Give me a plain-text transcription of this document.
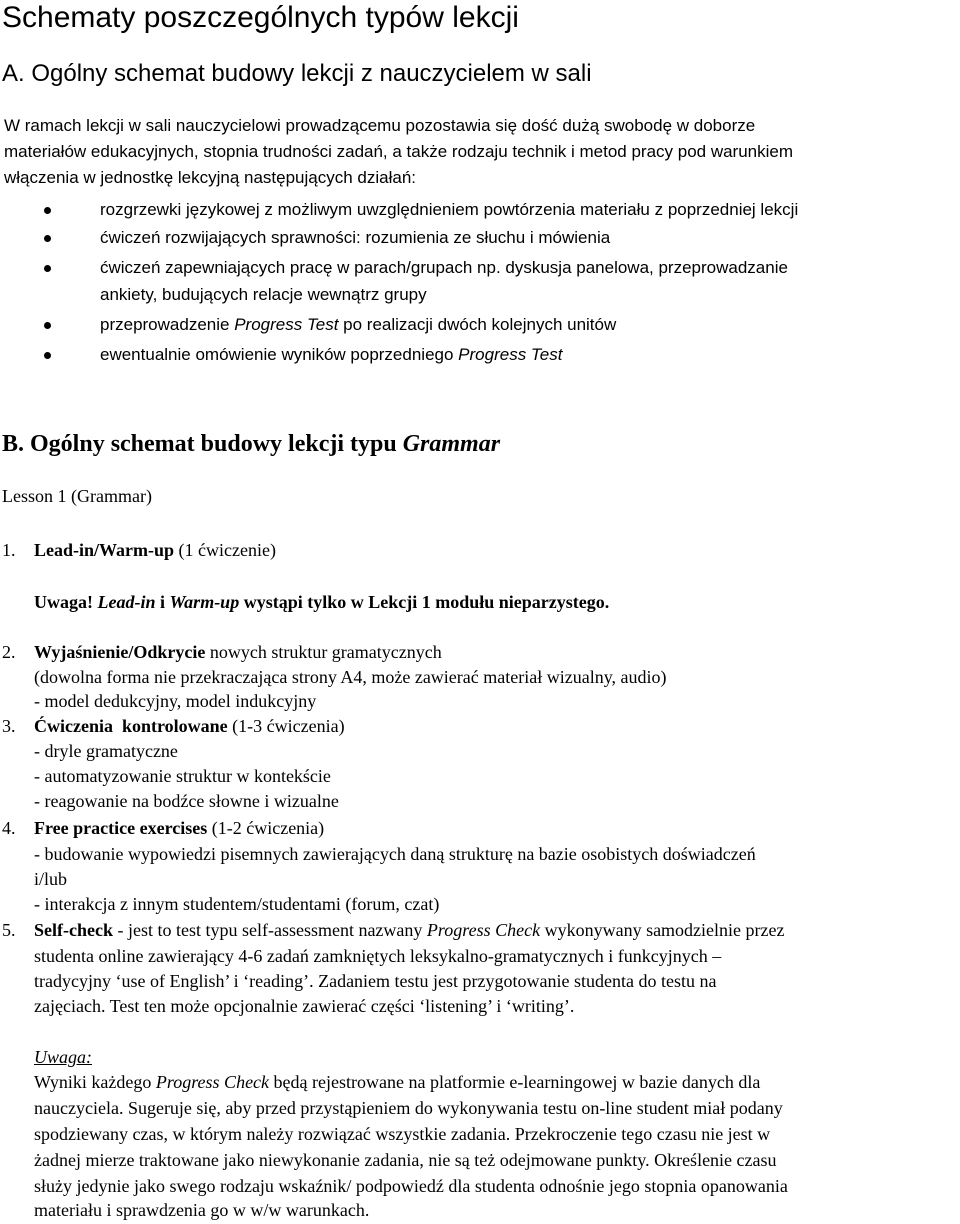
Schematy poszczególnych typów lekcji
A. Ogólny schemat budowy lekcji z nauczycielem w sali
W ramach lekcji w sali nauczycielowi prowadzącemu pozostawia się dość dużą swobodę w doborze
materiałów edukacyjnych, stopnia trudności zadań, a także rodzaju technik i metod pracy pod warunkiem
włączenia w jednostkę lekcyjną następujących działań:
rozgrzewki językowej z możliwym uwzględnieniem powtórzenia materiału z poprzedniej lekcji
ćwiczeń rozwijających sprawności: rozumienia ze słuchu i mówienia
ćwiczeń zapewniających pracę w parach/grupach np. dyskusja panelowa, przeprowadzanie
ankiety, budujących relacje wewnątrz grupy
przeprowadzenie Progress Test po realizacji dwóch kolejnych unitów
ewentualnie omówienie wyników poprzedniego Progress Test
B. Ogólny schemat budowy lekcji typu Grammar
Lesson 1 (Grammar)
1. Lead-in/Warm-up (1 ćwiczenie)
Uwaga! Lead-in i Warm-up wystąpi tylko w Lekcji 1 modułu nieparzystego.
2. Wyjaśnienie/Odkrycie nowych struktur gramatycznych
(dowolna forma nie przekraczająca strony A4, może zawierać materiał wizualny, audio)
- model dedukcyjny, model indukcyjny
3. Ćwiczenia  kontrolowane (1-3 ćwiczenia)
- dryle gramatyczne
- automatyzowanie struktur w kontekście
- reagowanie na bodźce słowne i wizualne
4. Free practice exercises (1-2 ćwiczenia)
- budowanie wypowiedzi pisemnych zawierających daną strukturę na bazie osobistych doświadczeń
i/lub
- interakcja z innym studentem/studentami (forum, czat)
5. Self-check - jest to test typu self-assessment nazwany Progress Check wykonywany samodzielnie przez
studenta online zawierający 4-6 zadań zamkniętych leksykalno-gramatycznych i funkcyjnych –
tradycyjny ‘use of English’ i ‘reading’. Zadaniem testu jest przygotowanie studenta do testu na
zajęciach. Test ten może opcjonalnie zawierać części ‘listening’ i ‘writing’.
Uwaga:
Wyniki każdego Progress Check będą rejestrowane na platformie e-learningowej w bazie danych dla
nauczyciela. Sugeruje się, aby przed przystąpieniem do wykonywania testu on-line student miał podany
spodziewany czas, w którym należy rozwiązać wszystkie zadania. Przekroczenie tego czasu nie jest w
żadnej mierze traktowane jako niewykonanie zadania, nie są też odejmowane punkty. Określenie czasu
służy jedynie jako swego rodzaju wskaźnik/ podpowiedź dla studenta odnośnie jego stopnia opanowania
materiału i sprawdzenia go w w/w warunkach.
